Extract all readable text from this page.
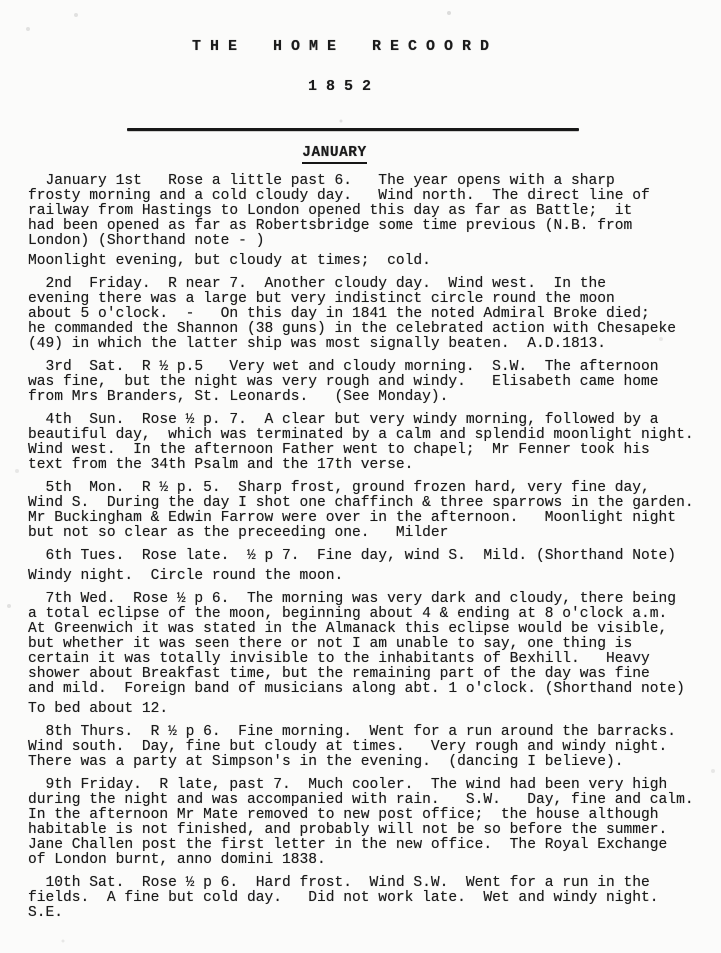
T H E    H O M E    R E C O O R D
1 8 5 2
JANUARY
January 1st   Rose a little past 6.   The year opens with a sharp
frosty morning and a cold cloudy day.   Wind north.  The direct line of
railway from Hastings to London opened this day as far as Battle;  it
had been opened as far as Robertsbridge some time previous (N.B. from
London) (Shorthand note - )
Moonlight evening, but cloudy at times;  cold.
2nd  Friday.  R near 7.  Another cloudy day.  Wind west.  In the
evening there was a large but very indistinct circle round the moon
about 5 o'clock.  -   On this day in 1841 the noted Admiral Broke died;
he commanded the Shannon (38 guns) in the celebrated action with Chesapeke
(49) in which the latter ship was most signally beaten.  A.D.1813.
3rd  Sat.  R ½ p.5   Very wet and cloudy morning.  S.W.  The afternoon
was fine,  but the night was very rough and windy.   Elisabeth came home
from Mrs Branders, St. Leonards.   (See Monday).
4th  Sun.  Rose ½ p. 7.  A clear but very windy morning, followed by a
beautiful day,  which was terminated by a calm and splendid moonlight night.
Wind west.  In the afternoon Father went to chapel;  Mr Fenner took his
text from the 34th Psalm and the 17th verse.
5th  Mon.  R ½ p. 5.  Sharp frost, ground frozen hard, very fine day,
Wind S.  During the day I shot one chaffinch & three sparrows in the garden.
Mr Buckingham & Edwin Farrow were over in the afternoon.   Moonlight night
but not so clear as the preceeding one.   Milder
6th Tues.  Rose late.  ½ p 7.  Fine day, wind S.  Mild. (Shorthand Note)
Windy night.  Circle round the moon.
7th Wed.  Rose ½ p 6.  The morning was very dark and cloudy, there being
a total eclipse of the moon, beginning about 4 & ending at 8 o'clock a.m.
At Greenwich it was stated in the Almanack this eclipse would be visible,
but whether it was seen there or not I am unable to say, one thing is
certain it was totally invisible to the inhabitants of Bexhill.   Heavy
shower about Breakfast time, but the remaining part of the day was fine
and mild.  Foreign band of musicians along abt. 1 o'clock. (Shorthand note)
To bed about 12.
8th Thurs.  R ½ p 6.  Fine morning.  Went for a run around the barracks.
Wind south.  Day, fine but cloudy at times.   Very rough and windy night.
There was a party at Simpson's in the evening.  (dancing I believe).
9th Friday.  R late, past 7.  Much cooler.  The wind had been very high
during the night and was accompanied with rain.   S.W.   Day, fine and calm.
In the afternoon Mr Mate removed to new post office;  the house although
habitable is not finished, and probably will not be so before the summer.
Jane Challen post the first letter in the new office.  The Royal Exchange
of London burnt, anno domini 1838.
10th Sat.  Rose ½ p 6.  Hard frost.  Wind S.W.  Went for a run in the
fields.  A fine but cold day.   Did not work late.  Wet and windy night.
S.E.
